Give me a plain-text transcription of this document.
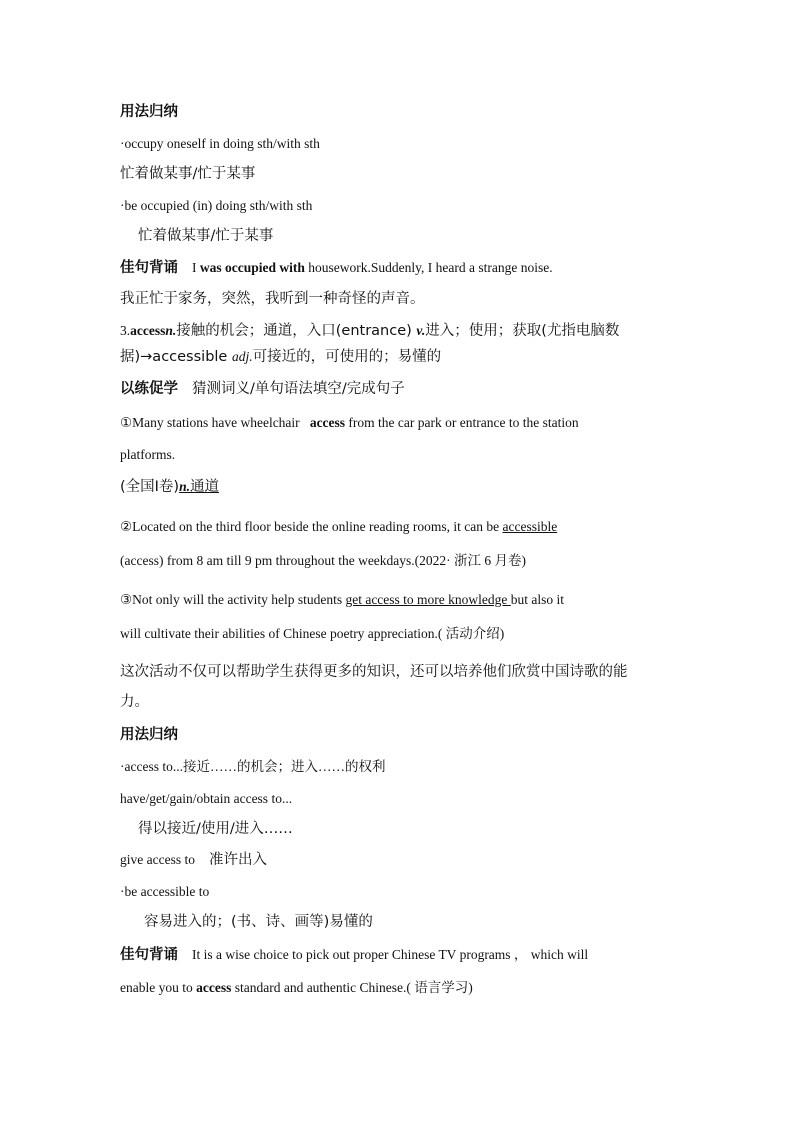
用法归纳
·occupy oneself in doing sth/with sth
忙着做某事/忙于某事
·be occupied (in) doing sth/with sth
忙着做某事/忙于某事
佳句背诵 I was occupied with housework.Suddenly, I heard a strange noise.
我正忙于家务，突然，我听到一种奇怪的声音。
3.accessn.接触的机会；通道，入口(entrance) v.进入；使用；获取(尤指电脑数
据)→accessible adj.可接近的，可使用的；易懂的
以练促学 猜测词义/单句语法填空/完成句子
①Many stations have wheelchair access from the car park or entrance to the station
platforms.
(全国Ⅰ卷)n.通道
②Located on the third floor beside the online reading rooms, it can be accessible
(access) from 8 am till 9 pm throughout the weekdays.(2022· 浙江 6 月卷)
③Not only will the activity help students get access to more knowledge but also it
will cultivate their abilities of Chinese poetry appreciation.( 活动介绍)
这次活动不仅可以帮助学生获得更多的知识，还可以培养他们欣赏中国诗歌的能
力。
用法归纳
·access to...接近……的机会；进入……的权利
have/get/gain/obtain access to...
得以接近/使用/进入……
give access to 准许出入
·be accessible to
容易进入的；(书、诗、画等)易懂的
佳句背诵 It is a wise choice to pick out proper Chinese TV programs ， which will
enable you to access standard and authentic Chinese.( 语言学习)
